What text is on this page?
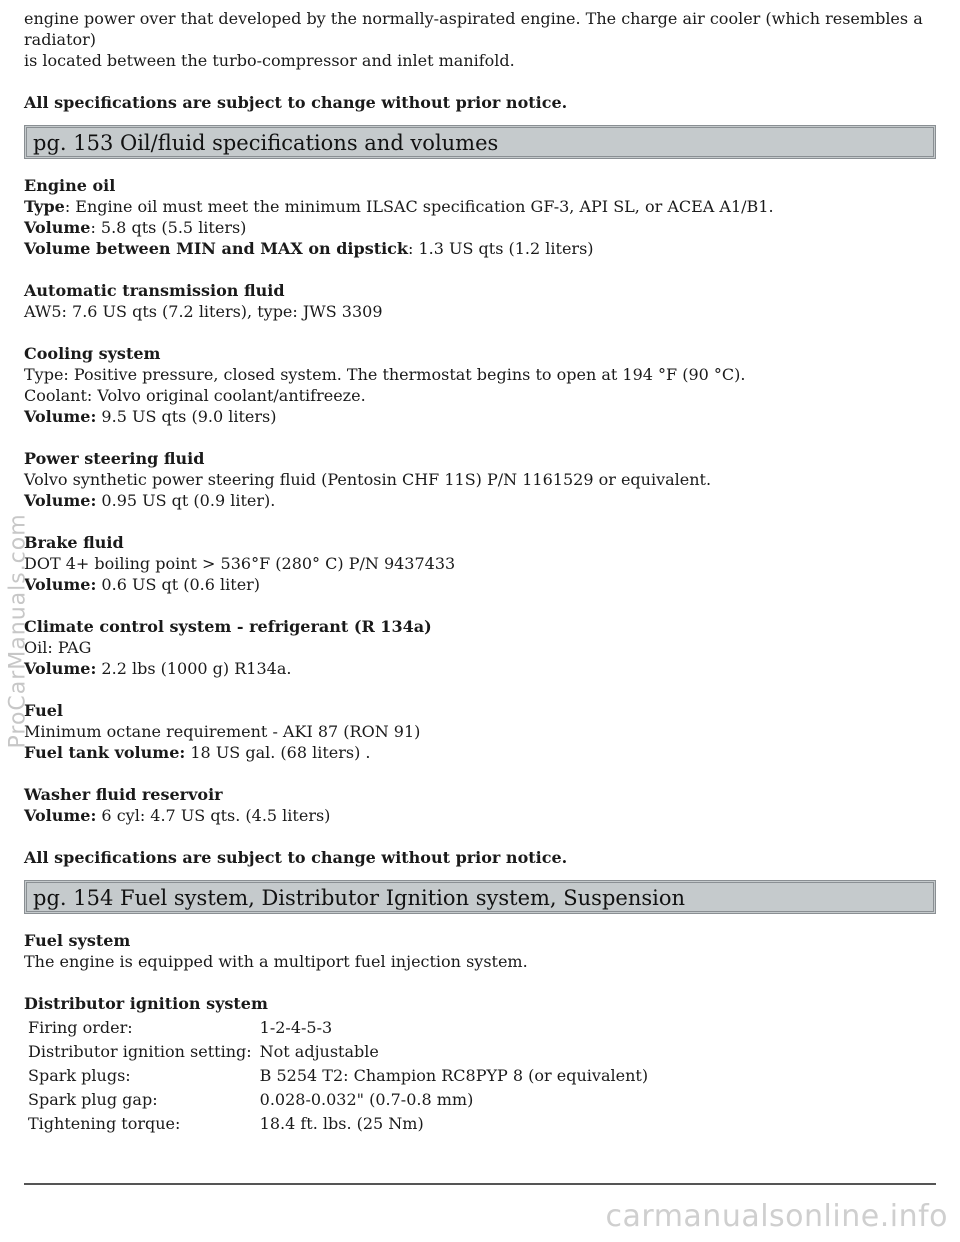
engine power over that developed by the normally-aspirated engine. The charge air cooler (which resembles a radiator)

is located between the turbo-compressor and inlet manifold.

All specifications are subject to change without prior notice.

pg. 153 Oil/fluid specifications and volumes

Engine oil

Type: Engine oil must meet the minimum ILSAC specification GF-3, API SL, or ACEA A1/B1.

Volume: 5.8 qts (5.5 liters)

Volume between MIN and MAX on dipstick: 1.3 US qts (1.2 liters)

Automatic transmission fluid

AW5: 7.6 US qts (7.2 liters), type: JWS 3309

Cooling system

Type: Positive pressure, closed system. The thermostat begins to open at 194 °F (90 °C).

Coolant: Volvo original coolant/antifreeze.

Volume: 9.5 US qts (9.0 liters)

Power steering fluid

Volvo synthetic power steering fluid (Pentosin CHF 11S) P/N 1161529 or equivalent.

Volume: 0.95 US qt (0.9 liter).

Brake fluid

DOT 4+ boiling point > 536°F (280° C) P/N 9437433

Volume: 0.6 US qt (0.6 liter)

Climate control system - refrigerant (R 134a)

Oil: PAG

Volume: 2.2 lbs (1000 g) R134a.

Fuel

Minimum octane requirement - AKI 87 (RON 91)

Fuel tank volume: 18 US gal. (68 liters) .

Washer fluid reservoir

Volume: 6 cyl: 4.7 US qts. (4.5 liters)

All specifications are subject to change without prior notice.

pg. 154 Fuel system, Distributor Ignition system, Suspension

Fuel system

The engine is equipped with a multiport fuel injection system.

Distributor ignition system

Firing order:	1-2-4-5-3
Distributor ignition setting:	Not adjustable
Spark plugs:	B 5254 T2: Champion RC8PYP 8 (or equivalent)
Spark plug gap:	0.028-0.032" (0.7-0.8 mm)
Tightening torque:	18.4 ft. lbs. (25 Nm)
ProCarManuals.com
carmanualsonline.info
